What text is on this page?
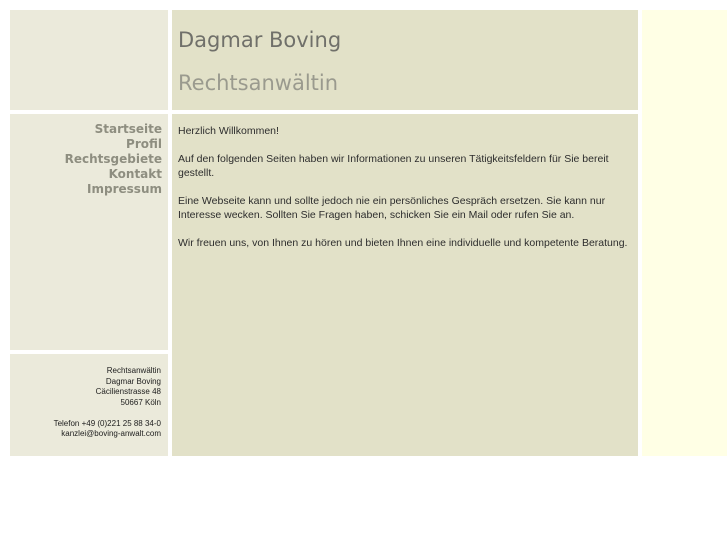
Dagmar Boving
Rechtsanwältin
Startseite
Profil
Rechtsgebiete
Kontakt
Impressum

Herzlich Willkommen!

Auf den folgenden Seiten haben wir Informationen zu unseren Tätigkeitsfeldern für Sie bereit gestellt.

Eine Webseite kann und sollte jedoch nie ein persönliches Gespräch ersetzen. Sie kann nur Interesse wecken. Sollten Sie Fragen haben, schicken Sie ein Mail oder rufen Sie an.

Wir freuen uns, von Ihnen zu hören und bieten Ihnen eine individuelle und kompetente Beratung.

Rechtsanwältin
Dagmar Boving
Cäcilienstrasse 48
50667 Köln
Telefon +49 (0)221 25 88 34-0
kanzlei@boving-anwalt.com
